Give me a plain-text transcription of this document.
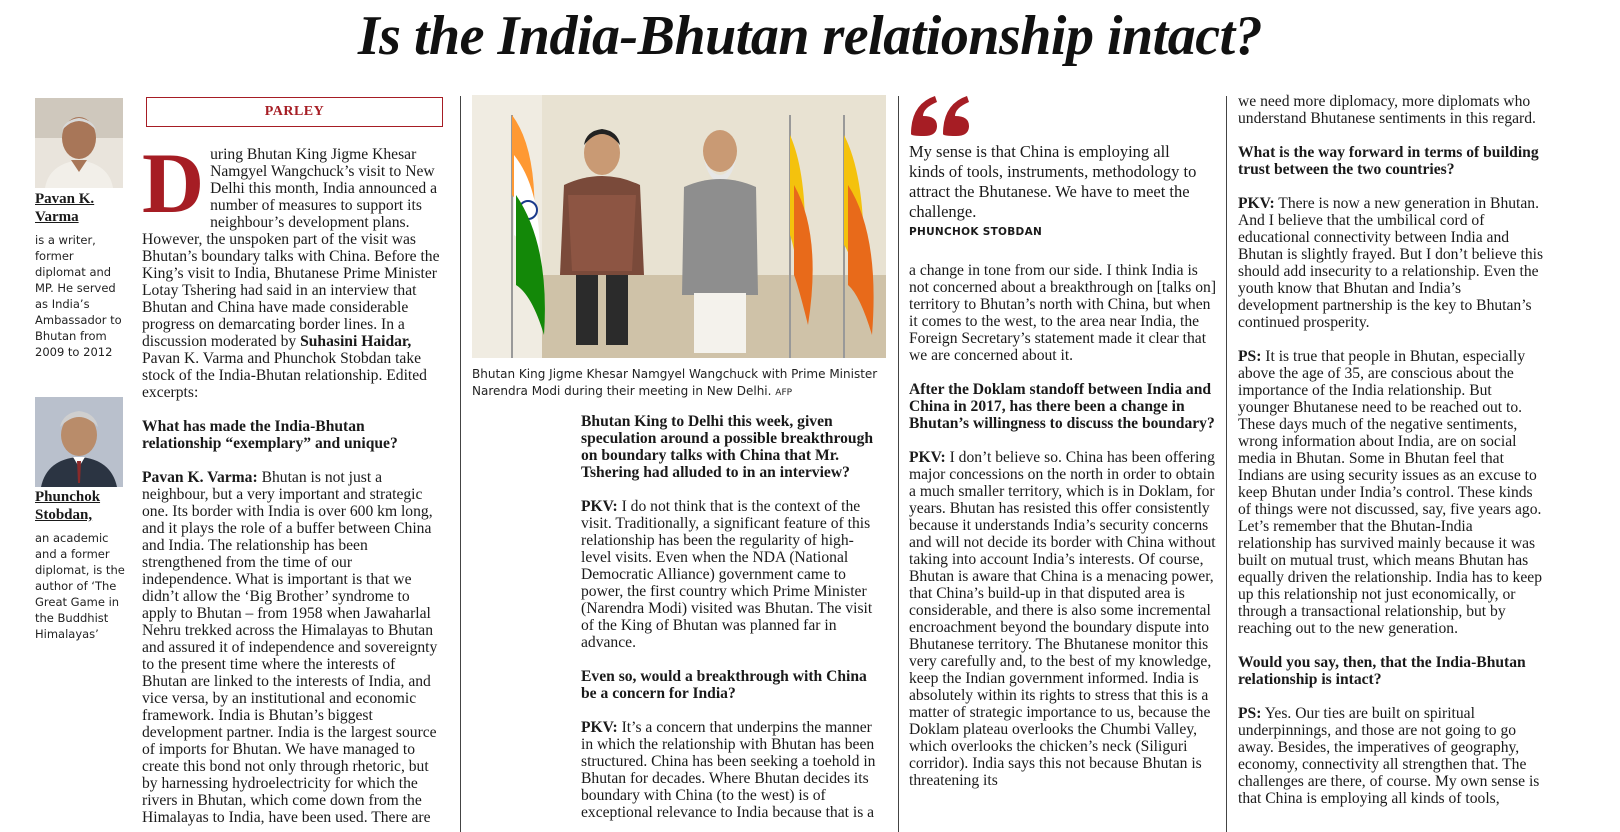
Is the India-Bhutan relationship intact?
Pavan K. Varma
is a writer, former diplomat and MP. He served as India’s Ambassador to Bhutan from 2009 to 2012
Phunchok Stobdan,
an academic and a former diplomat, is the author of ‘The Great Game in the Buddhist Himalayas’
PARLEY

During Bhutan King Jigme Khesar Namgyel Wangchuck’s visit to New Delhi this month, India announced a number of measures to support its neighbour’s development plans. However, the unspoken part of the visit was Bhutan’s boundary talks with China. Before the King’s visit to India, Bhutanese Prime Minister Lotay Tshering had said in an interview that Bhutan and China have made considerable progress on demarcating border lines. In a discussion moderated by Suhasini Haidar, Pavan K. Varma and Phunchok Stobdan take stock of the India-Bhutan relationship. Edited excerpts:

What has made the India-Bhutan relationship “exemplary” and unique?

Pavan K. Varma: Bhutan is not just a neighbour, but a very important and strategic one. Its border with India is over 600 km long, and it plays the role of a buffer between China and India. The relationship has been strengthened from the time of our independence. What is important is that we didn’t allow the ‘Big Brother’ syndrome to apply to Bhutan – from 1958 when Jawaharlal Nehru trekked across the Himalayas to Bhutan and assured it of independence and sovereignty to the present time where the interests of Bhutan are linked to the interests of India, and vice versa, by an institutional and economic framework. India is Bhutan’s biggest development partner. India is the largest source of imports for Bhutan. We have managed to create this bond not only through rhetoric, but by harnessing hydroelectricity for which the rivers in Bhutan, which come down from the Himalayas to India, have been used. There are

Bhutan King Jigme Khesar Namgyel Wangchuck with Prime Minister Narendra Modi during their meeting in New Delhi. AFP

Bhutan King to Delhi this week, given speculation around a possible breakthrough on boundary talks with China that Mr. Tshering had alluded to in an interview?

PKV: I do not think that is the context of the visit. Traditionally, a significant feature of this relationship has been the regularity of high-level visits. Even when the NDA (National Democratic Alliance) government came to power, the first country which Prime Minister (Narendra Modi) visited was Bhutan. The visit of the King of Bhutan was planned far in advance.

Even so, would a breakthrough with China be a concern for India?

PKV: It’s a concern that underpins the manner in which the relationship with Bhutan has been structured. China has been seeking a toehold in Bhutan for decades. Where Bhutan decides its boundary with China (to the west) is of exceptional relevance to India because that is a

My sense is that China is employing all kinds of tools, instruments, methodology to attract the Bhutanese. We have to meet the challenge.
PHUNCHOK STOBDAN

a change in tone from our side. I think India is not concerned about a breakthrough on [talks on] territory to Bhutan’s north with China, but when it comes to the west, to the area near India, the Foreign Secretary’s statement made it clear that we are concerned about it.

After the Doklam standoff between India and China in 2017, has there been a change in Bhutan’s willingness to discuss the boundary?

PKV: I don’t believe so. China has been offering major concessions on the north in order to obtain a much smaller territory, which is in Doklam, for years. Bhutan has resisted this offer consistently because it understands India’s security concerns and will not decide its border with China without taking into account India’s interests. Of course, Bhutan is aware that China is a menacing power, that China’s build-up in that disputed area is considerable, and there is also some incremental encroachment beyond the boundary dispute into Bhutanese territory. The Bhutanese monitor this very carefully and, to the best of my knowledge, keep the Indian government informed. India is absolutely within its rights to stress that this is a matter of strategic importance to us, because the Doklam plateau overlooks the Chumbi Valley, which overlooks the chicken’s neck (Siliguri corridor). India says this not because Bhutan is threatening its

we need more diplomacy, more diplomats who understand Bhutanese sentiments in this regard.

What is the way forward in terms of building trust between the two countries?

PKV: There is now a new generation in Bhutan. And I believe that the umbilical cord of educational connectivity between India and Bhutan is slightly frayed. But I don’t believe this should add insecurity to a relationship. Even the youth know that Bhutan and India’s development partnership is the key to Bhutan’s continued prosperity.

PS: It is true that people in Bhutan, especially above the age of 35, are conscious about the importance of the India relationship. But younger Bhutanese need to be reached out to. These days much of the negative sentiments, wrong information about India, are on social media in Bhutan. Some in Bhutan feel that Indians are using security issues as an excuse to keep Bhutan under India’s control. These kinds of things were not discussed, say, five years ago. Let’s remember that the Bhutan-India relationship has survived mainly because it was built on mutual trust, which means Bhutan has equally driven the relationship. India has to keep up this relationship not just economically, or through a transactional relationship, but by reaching out to the new generation.

Would you say, then, that the India-Bhutan relationship is intact?

PS: Yes. Our ties are built on spiritual underpinnings, and those are not going to go away. Besides, the imperatives of geography, economy, connectivity all strengthen that. The challenges are there, of course. My own sense is that China is employing all kinds of tools,
